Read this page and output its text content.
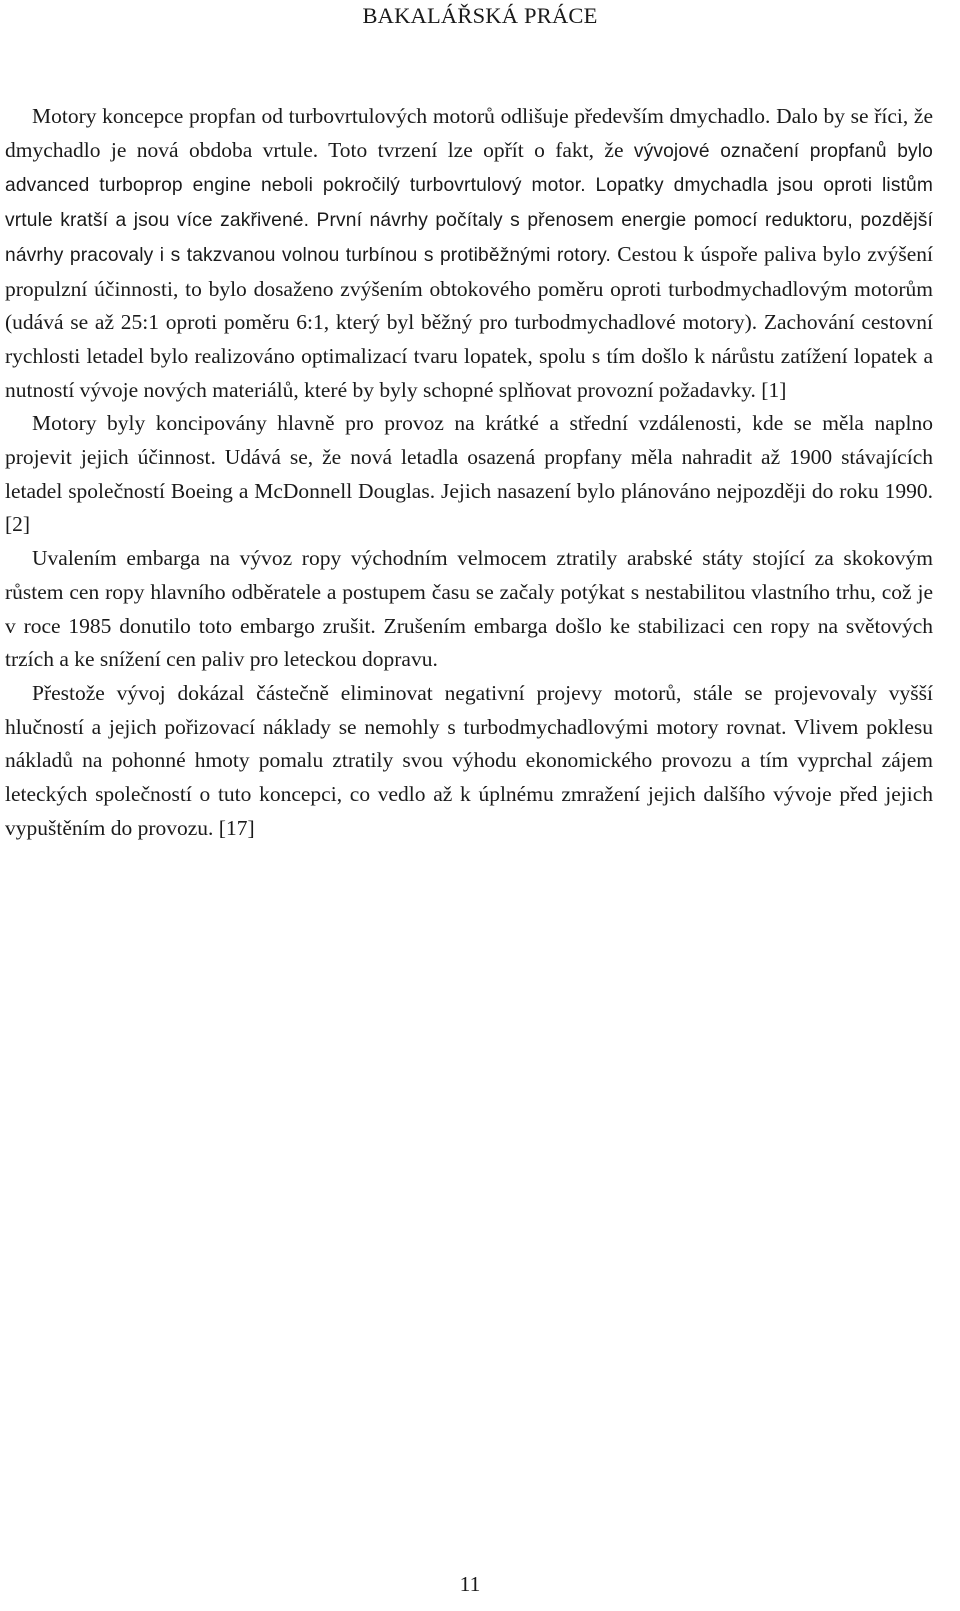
BAKALÁŘSKÁ PRÁCE

Motory koncepce propfan od turbovrtulových motorů odlišuje především dmychadlo. Dalo by se říci, že dmychadlo je nová obdoba vrtule. Toto tvrzení lze opřít o fakt, že vývojové označení propfanů bylo advanced turboprop engine neboli pokročilý turbovrtulový motor. Lopatky dmychadla jsou oproti listům vrtule kratší a jsou více zakřivené. První návrhy počítaly s přenosem energie pomocí reduktoru, pozdější návrhy pracovaly i s takzvanou volnou turbínou s protiběžnými rotory. Cestou k úspoře paliva bylo zvýšení propulzní účinnosti, to bylo dosaženo zvýšením obtokového poměru oproti turbodmychadlovým motorům (udává se až 25:1 oproti poměru 6:1, který byl běžný pro turbodmychadlové motory). Zachování cestovní rychlosti letadel bylo realizováno optimalizací tvaru lopatek, spolu s tím došlo k nárůstu zatížení lopatek a nutností vývoje nových materiálů, které by byly schopné splňovat provozní požadavky. [1]

Motory byly koncipovány hlavně pro provoz na krátké a střední vzdálenosti, kde se měla naplno projevit jejich účinnost. Udává se, že nová letadla osazená propfany měla nahradit až 1900 stávajících letadel společností Boeing a McDonnell Douglas. Jejich nasazení bylo plánováno nejpozději do roku 1990. [2]

Uvalením embarga na vývoz ropy východním velmocem ztratily arabské státy stojící za skokovým růstem cen ropy hlavního odběratele a postupem času se začaly potýkat s nestabilitou vlastního trhu, což je v roce 1985 donutilo toto embargo zrušit. Zrušením embarga došlo ke stabilizaci cen ropy na světových trzích a ke snížení cen paliv pro leteckou dopravu.

Přestože vývoj dokázal částečně eliminovat negativní projevy motorů, stále se projevovaly vyšší hlučností a jejich pořizovací náklady se nemohly s turbodmychadlovými motory rovnat. Vlivem poklesu nákladů na pohonné hmoty pomalu ztratily svou výhodu ekonomického provozu a tím vyprchal zájem leteckých společností o tuto koncepci, co vedlo až k úplnému zmražení jejich dalšího vývoje před jejich vypuštěním do provozu. [17]

11
